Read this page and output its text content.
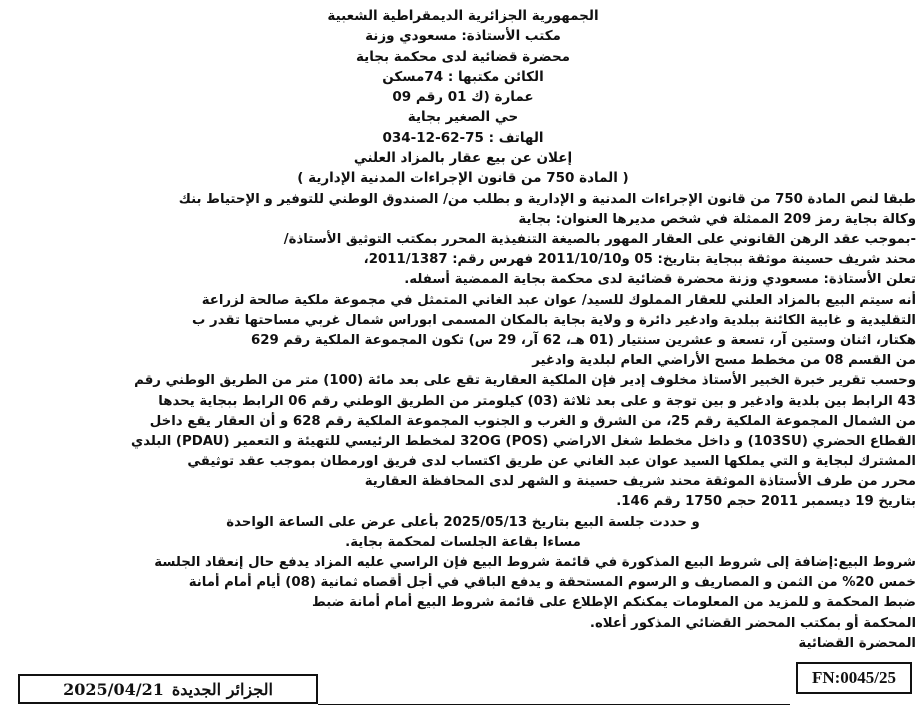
الجمهورية الجزائرية الديمقراطية الشعبية
مكتب الأستاذة: مسعودي وزنة
محضرة قضائية لدى محكمة بجاية
الكائن مكتبها : 74مسكن
عمارة (ك 01 رقم 09
حي الصغير بجاية
الهاتف : 75-62-12-034
إعلان عن بيع عقار بالمزاد العلني
( المادة 750 من قانون الإجراءات المدنية الإدارية )
طبقا لنص المادة 750 من قانون الإجراءات المدنية و الإدارية و بطلب من/ الصندوق الوطني للتوفير و الإحتياط بنك
وكالة بجاية رمز 209 الممثلة في شخص مديرها العنوان: بجاية
-بموجب عقد الرهن القانوني على العقار المهور بالصيغة التنفيذية المحرر بمكتب التوثيق الأستاذة/
محند شريف حسينة موثقة ببجاية بتاريخ: 05 و2011/10/10 فهرس رقم: 2011/1387،
تعلن الأستاذة: مسعودي وزنة محضرة قضائية لدى محكمة بجاية الممضية أسفله.
أنه سيتم البيع بالمزاد العلني للعقار المملوك للسيد/ عوان عبد الغاني المتمثل في مجموعة ملكية صالحة لزراعة
التقليدية و غابية الكائنة ببلدية وادغير دائرة و ولاية بجاية بالمكان المسمى ابوراس شمال غربي مساحتها تقدر ب
هكتار، اثنان وستين آر، تسعة و عشرين سنتيار (01 هـ، 62 آر، 29 س) تكون المجموعة الملكية رقم 629
من القسم 08 من مخطط مسح الأراضي العام لبلدية وادغير
وحسب تقرير خبرة الخبير الأستاذ مخلوف إدير فإن الملكية العقارية تقع على بعد مائة (100) متر من الطريق الوطني رقم
43 الرابط بين بلدية وادغير و بين توجة و على بعد ثلاثة (03) كيلومتر من الطريق الوطني رقم 06 الرابط ببجاية يحدها
من الشمال المجموعة الملكية رقم 25، من الشرق و الغرب و الجنوب المجموعة الملكية رقم 628 و أن العقار يقع داخل
القطاع الحضري (103SU) و داخل مخطط شغل الاراضي 32OG (POS) لمخطط الرئيسي للتهيئة و التعمير (PDAU) البلدي
المشترك لبجاية و التي يملكها السيد عوان عبد الغاني عن طريق اكتساب لدى فريق اورمطان بموجب عقد توثيقي
محرر من طرف الأستاذة الموثقة محند شريف حسينة و الشهر لدى المحافظة العقارية
بتاريخ 19 ديسمبر 2011 حجم 1750 رقم 146.
و حددت جلسة البيع بتاريخ 2025/05/13 بأعلى عرض على الساعة الواحدة
مساءا بقاعة الجلسات لمحكمة بجاية.
شروط البيع:إضافة إلى شروط البيع المذكورة في قائمة شروط البيع فإن الراسي عليه المزاد يدفع حال إنعقاد الجلسة
خمس 20% من الثمن و المصاريف و الرسوم المستحقة و يدفع الباقي في أجل أقصاه ثمانية (08) أيام أمام أمانة
ضبط المحكمة و للمزيد من المعلومات يمكنكم الإطلاع على قائمة شروط البيع أمام أمانة ضبط
المحكمة أو بمكتب المحضر القضائي المذكور أعلاه.
المحضرة القضائية
الجزائر الجديدة
2025/04/21
FN:0045/25
